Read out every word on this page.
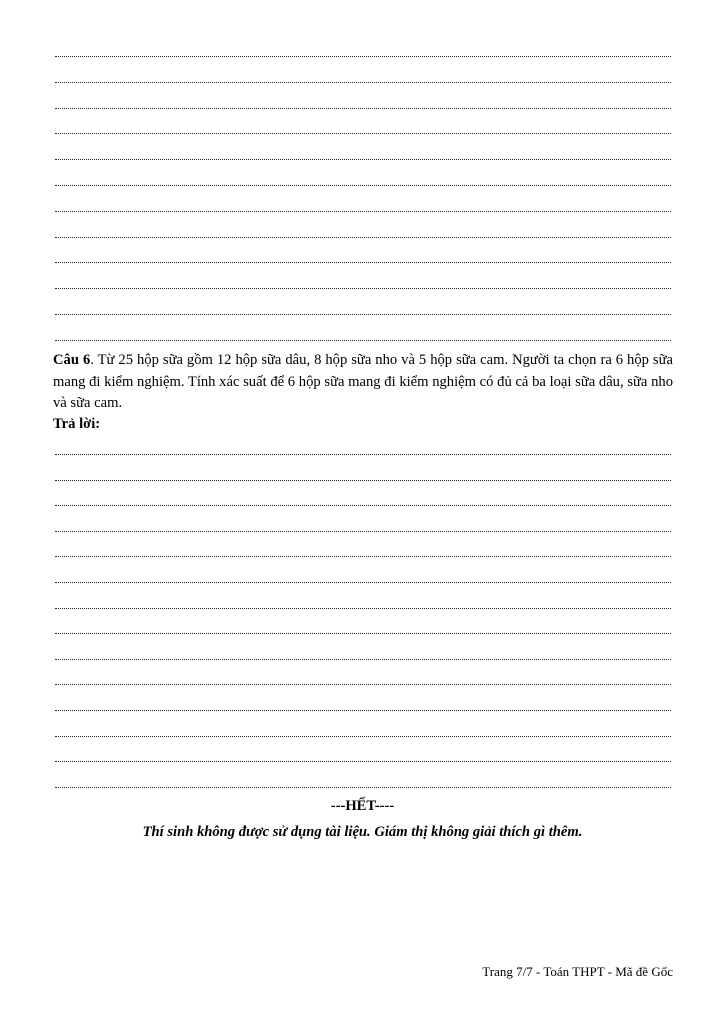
Câu 6. Từ 25 hộp sữa gồm 12 hộp sữa dâu, 8 hộp sữa nho và 5 hộp sữa cam. Người ta chọn ra 6 hộp sữa mang đi kiểm nghiệm. Tính xác suất để 6 hộp sữa mang đi kiểm nghiệm có đủ cả ba loại sữa dâu, sữa nho và sữa cam.
Trả lời:
---HẾT----
Thí sinh không được sử dụng tài liệu. Giám thị không giải thích gì thêm.
Trang 7/7 - Toán THPT - Mã đề Gốc
